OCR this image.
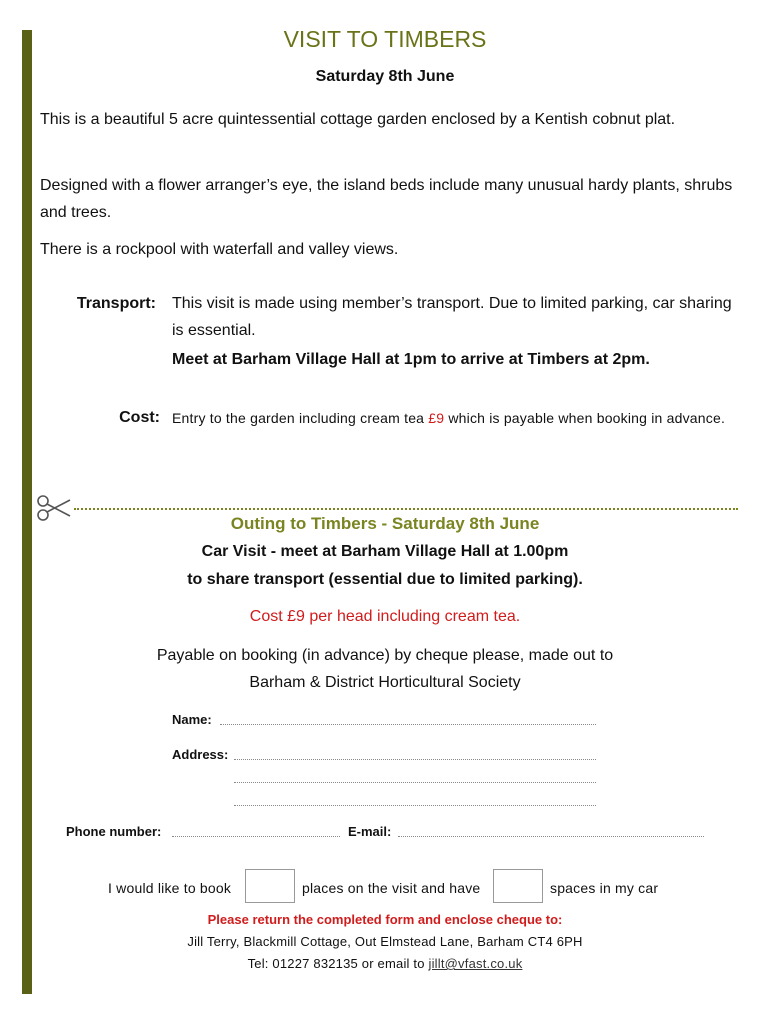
VISIT TO TIMBERS
Saturday 8th June
This is a beautiful 5 acre quintessential cottage garden enclosed by a Kentish cobnut plat.
Designed with a flower arranger’s eye, the island beds include many unusual hardy plants, shrubs and trees.
There is a rockpool with waterfall and valley views.
Transport: This visit is made using member’s transport. Due to limited parking, car sharing is essential.
Meet at Barham Village Hall at 1pm to arrive at Timbers at 2pm.
Cost: Entry to the garden including cream tea £9 which is payable when booking in advance.
Outing to Timbers - Saturday 8th June
Car Visit - meet at Barham Village Hall at 1.00pm
to share transport (essential due to limited parking).
Cost £9 per head including cream tea.
Payable on booking (in advance) by cheque please, made out to
Barham & District Horticultural Society
Name:
Address:
Phone number:	E-mail:
I would like to book	places on the visit and have	spaces in my car
Please return the completed form and enclose cheque to:
Jill Terry, Blackmill Cottage, Out Elmstead Lane, Barham CT4 6PH
Tel: 01227 832135 or email to jillt@vfast.co.uk
